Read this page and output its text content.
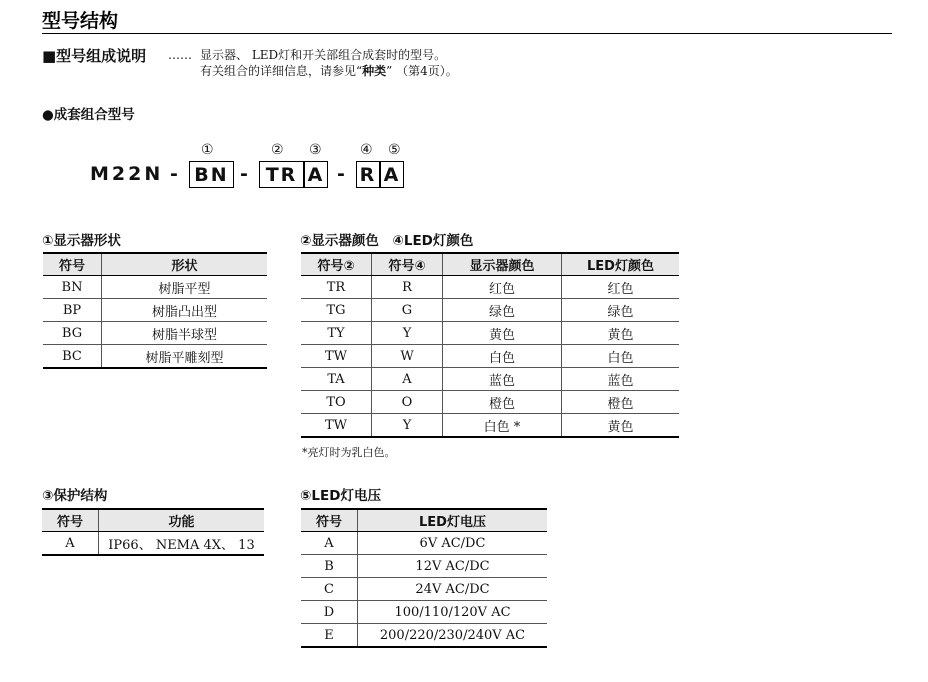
型号结构
■型号组成说明 …… 显示器、 LED灯和开关部组合成套时的型号。
有关组合的详细信息，请参见“种类” （第4页）。
●成套组合型号
①	② ③	④ ⑤
M22N - BN - TR A - R A
①显示器形状
符号	形状
BN	树脂平型
BP	树脂凸出型
BG	树脂半球型
BC	树脂平雕刻型
②显示器颜色　④LED灯颜色
符号②	符号④	显示器颜色	LED灯颜色
TR	R	红色	红色
TG	G	绿色	绿色
TY	Y	黄色	黄色
TW	W	白色	白色
TA	A	蓝色	蓝色
TO	O	橙色	橙色
TW	Y	白色 *	黄色
*亮灯时为乳白色。
③保护结构
符号	功能
A	IP66、 NEMA 4X、 13
⑤LED灯电压
符号	LED灯电压
A	6V AC/DC
B	12V AC/DC
C	24V AC/DC
D	100/110/120V AC
E	200/220/230/240V AC
